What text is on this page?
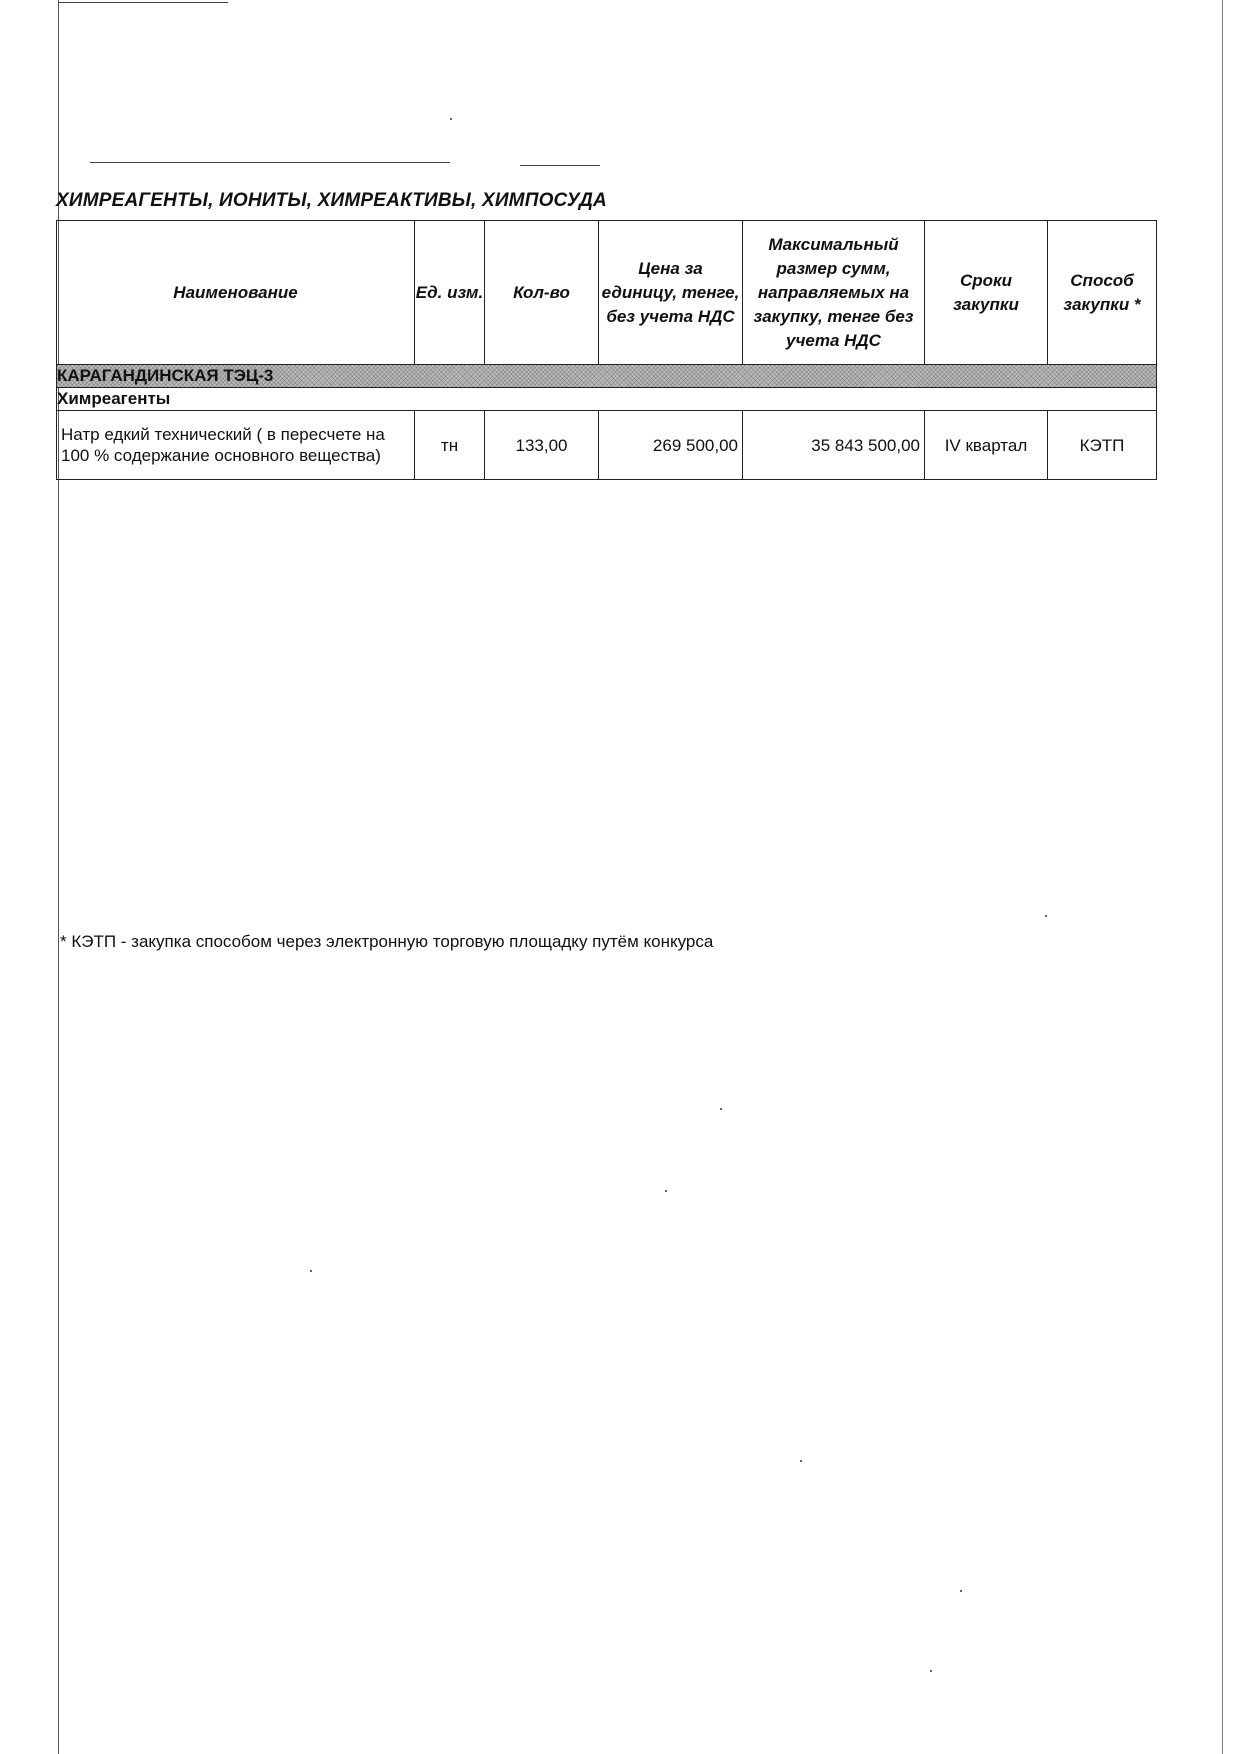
ХИМРЕАГЕНТЫ, ИОНИТЫ, ХИМРЕАКТИВЫ, ХИМПОСУДА
Наименование	Ед. изм.	Кол-во	Цена за единицу, тенге, без учета НДС	Максимальный размер сумм, направляемых на закупку, тенге без учета НДС	Сроки закупки	Способ закупки *
КАРАГАНДИНСКАЯ ТЭЦ-3						
Химреагенты						
Натр едкий технический ( в пересчете на 100 % содержание основного вещества)	тн	133,00	269 500,00	35 843 500,00	IV квартал	КЭТП
* КЭТП - закупка способом через электронную торговую площадку путём конкурса
